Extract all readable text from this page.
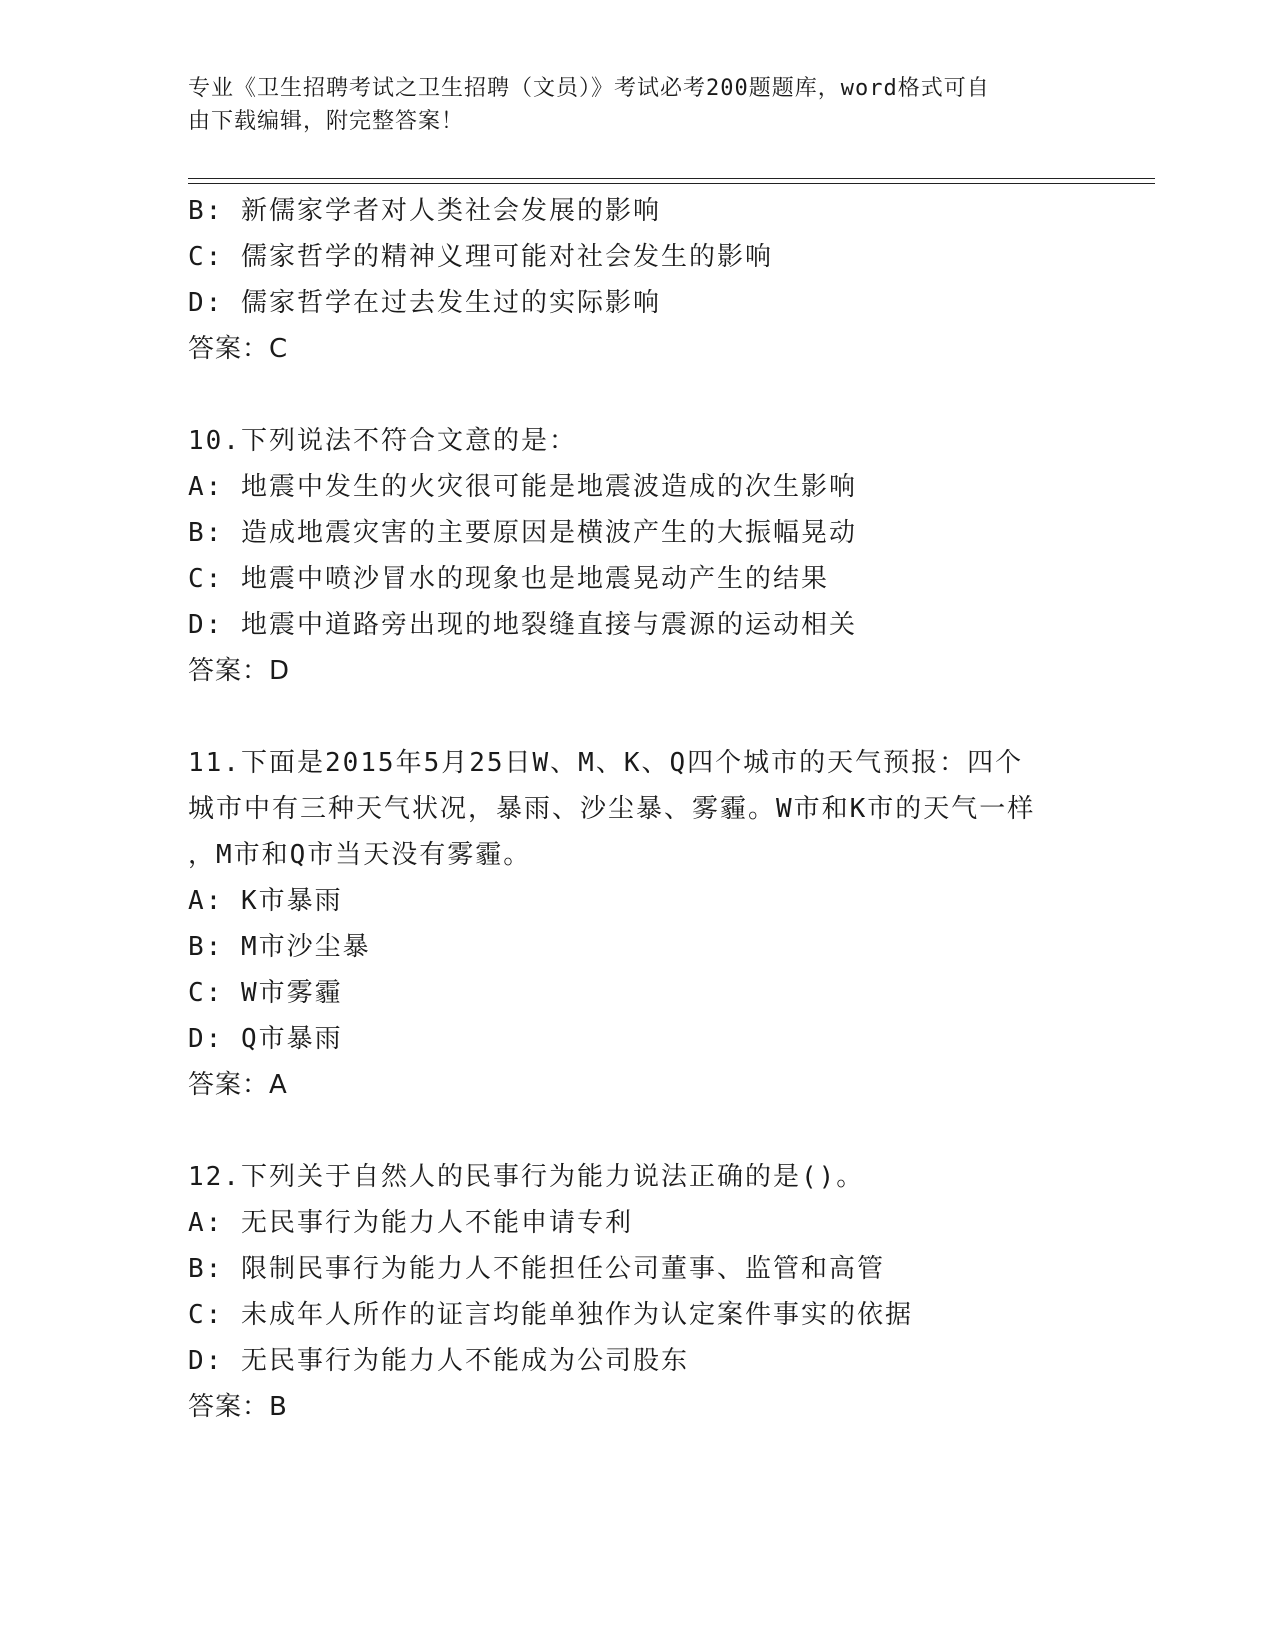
专业《卫生招聘考试之卫生招聘（文员）》考试必考200题题库，word格式可自
由下载编辑，附完整答案！
B: 新儒家学者对人类社会发展的影响
C: 儒家哲学的精神义理可能对社会发生的影响
D: 儒家哲学在过去发生过的实际影响
答案：C
10.下列说法不符合文意的是：
A: 地震中发生的火灾很可能是地震波造成的次生影响
B: 造成地震灾害的主要原因是横波产生的大振幅晃动
C: 地震中喷沙冒水的现象也是地震晃动产生的结果
D: 地震中道路旁出现的地裂缝直接与震源的运动相关
答案：D
11.下面是2015年5月25日W、M、K、Q四个城市的天气预报：四个
城市中有三种天气状况，暴雨、沙尘暴、雾霾。W市和K市的天气一样
，M市和Q市当天没有雾霾。
A: K市暴雨
B: M市沙尘暴
C: W市雾霾
D: Q市暴雨
答案：A
12.下列关于自然人的民事行为能力说法正确的是()。
A: 无民事行为能力人不能申请专利
B: 限制民事行为能力人不能担任公司董事、监管和高管
C: 未成年人所作的证言均能单独作为认定案件事实的依据
D: 无民事行为能力人不能成为公司股东
答案：B
